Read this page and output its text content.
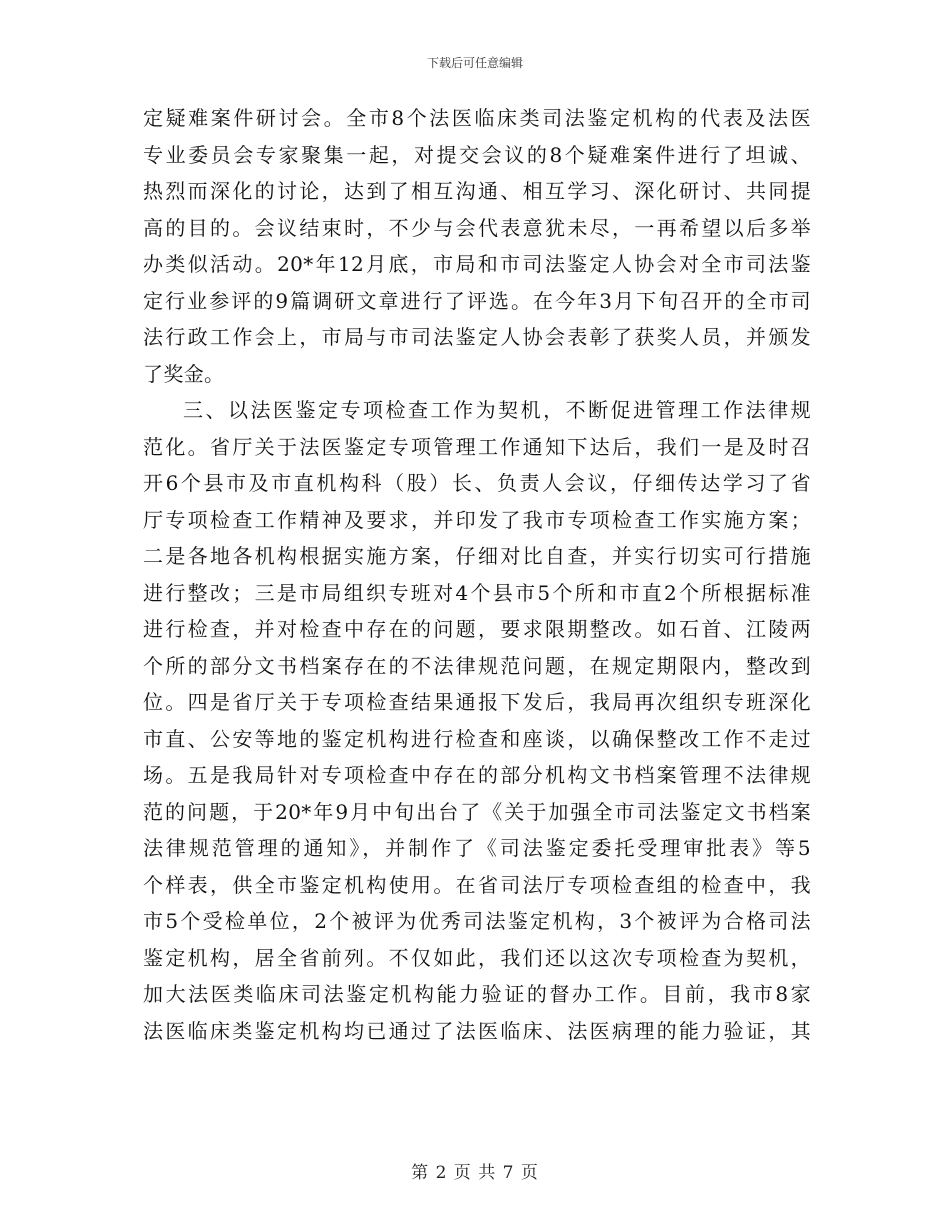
下载后可任意编辑
定疑难案件研讨会。全市8个法医临床类司法鉴定机构的代表及法医
专业委员会专家聚集一起，对提交会议的8个疑难案件进行了坦诚、
热烈而深化的讨论，达到了相互沟通、相互学习、深化研讨、共同提
高的目的。会议结束时，不少与会代表意犹未尽，一再希望以后多举
办类似活动。20*年12月底，市局和市司法鉴定人协会对全市司法鉴
定行业参评的9篇调研文章进行了评选。在今年3月下旬召开的全市司
法行政工作会上，市局与市司法鉴定人协会表彰了获奖人员，并颁发
了奖金。
三、以法医鉴定专项检查工作为契机，不断促进管理工作法律规
范化。省厅关于法医鉴定专项管理工作通知下达后，我们一是及时召
开6个县市及市直机构科（股）长、负责人会议，仔细传达学习了省
厅专项检查工作精神及要求，并印发了我市专项检查工作实施方案；
二是各地各机构根据实施方案，仔细对比自查，并实行切实可行措施
进行整改；三是市局组织专班对4个县市5个所和市直2个所根据标准
进行检查，并对检查中存在的问题，要求限期整改。如石首、江陵两
个所的部分文书档案存在的不法律规范问题，在规定期限内，整改到
位。四是省厅关于专项检查结果通报下发后，我局再次组织专班深化
市直、公安等地的鉴定机构进行检查和座谈，以确保整改工作不走过
场。五是我局针对专项检查中存在的部分机构文书档案管理不法律规
范的问题，于20*年9月中旬出台了《关于加强全市司法鉴定文书档案
法律规范管理的通知》，并制作了《司法鉴定委托受理审批表》等5
个样表，供全市鉴定机构使用。在省司法厅专项检查组的检查中，我
市5个受检单位，2个被评为优秀司法鉴定机构，3个被评为合格司法
鉴定机构，居全省前列。不仅如此，我们还以这次专项检查为契机，
加大法医类临床司法鉴定机构能力验证的督办工作。目前，我市8家
法医临床类鉴定机构均已通过了法医临床、法医病理的能力验证，其
第 2 页 共 7 页
